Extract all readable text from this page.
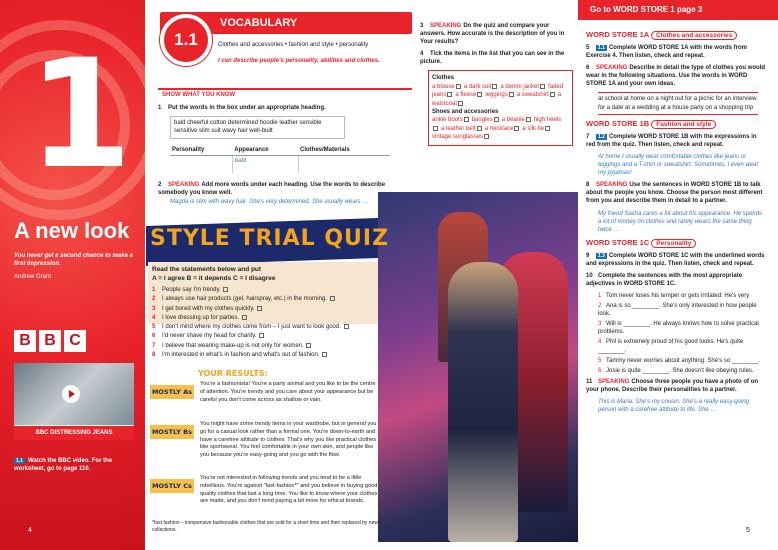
1
A new look
You never get a second chance to make a first impression.
Andrew Grant
B B C
BBC DISTRESSING JEANS
1.1 Watch the BBC video. For the worksheet, go to page 116.
4
VOCABULARY
1.1	Clothes and accessories • fashion and style • personality
I can describe people's personality, abilities and clothes.
SHOW WHAT YOU KNOW
1 Put the words in the box under an appropriate heading.
bald cheerful cotton determined hoodie leather sensible sensitive slim suit wavy hair well-built
Personality	Appearance	Clothes/Materials
	bald	
2 SPEAKING Add more words under each heading. Use the words to describe somebody you know well.
Magda is slim with wavy hair. She's very determined. She usually wears …
3 SPEAKING Do the quiz and compare your answers. How accurate is the description of you in Your results?
4 Tick the items in the list that you can see in the picture.
Clothes
a blouse a dark suit a denim jacket faded jeans a fleece leggings a sweatshirt a waistcoat
Shoes and accessories
ankle boots bangles a beanie high heelsa leather belt a necklace a silk tievintage sunglasses
STYLE TRIAL QUIZ
Read the statements below and put
A = I agree B = it depends C = I disagree
1 People say I'm trendy.
2 I always use hair products (gel, hairspray, etc.) in the morning.
3 I get bored with my clothes quickly.
4 I love dressing up for parties.
5 I don't mind where my clothes come from – I just want to look good.
6 I'd never shave my head for charity.
7 I believe that wearing make-up is not only for women.
8 I'm interested in what's in fashion and what's out of fashion.
YOUR RESULTS:
MOSTLY As
You're a fashionista! You're a party animal and you like to be the centre of attention. You're trendy and you care about your appearance but be careful you don't come across as shallow or vain.
MOSTLY Bs
You might have some trendy items in your wardrobe, but in general you go for a casual look rather than a formal one. You're down-to-earth and have a carefree attitude to clothes. That's why you like practical clothes like sportswear. You feel comfortable in your own skin, and people like you because you're easy-going and you go with the flow.
MOSTLY Cs
You're not interested in following trends and you tend to be a little rebellious. You're against "fast-fashion*" and you believe in buying good-quality clothes that last a long time. You like to know where your clothes are made, and you don't mind paying a bit more for ethical brands.
*fast fashion – inexpensive fashionable clothes that are sold for a short time and then replaced by newer collections.
Go to WORD STORE 1 page 3
WORD STORE 1A Clothes and accessories
5 1.1 Complete WORD STORE 1A with the words from Exercise 4. Then listen, check and repeat.
6 SPEAKING Describe in detail the type of clothes you would wear in the following situations. Use the words in WORD STORE 1A and your own ideas.
at school at home on a night out for a picnic for an interview for a date at a wedding at a house party on a shopping trip
WORD STORE 1B Fashion and style
7 1.2 Complete WORD STORE 1B with the expressions in red from the quiz. Then listen, check and repeat.
At home I usually wear comfortable clothes like jeans or leggings and a T-shirt or sweatshirt. Sometimes, I even wear my pyjamas!
8 SPEAKING Use the sentences in WORD STORE 1B to talk about the people you know. Choose the person most different from you and describe them in detail to a partner.
My friend Sasha cares a lot about his appearance. He spends a lot of money on clothes and rarely wears the same thing twice …
WORD STORE 1C Personality
9 1.3 Complete WORD STORE 1C with the underlined words and expressions in the quiz. Then listen, check and repeat.
10 Complete the sentences with the most appropriate adjectives in WORD STORE 1C.
1 Tom never loses his temper or gets irritated: He's very
2 Ana is so ________. She's only interested in how people look.
3 Will is ________. He always knows how to solve practical problems.
4 Phil is extremely proud of his good looks. He's quite ________.
5 Tammy never worries about anything. She's so ________.
6 Josie is quite ________. She doesn't like obeying rules.
11 SPEAKING Choose three people you have a photo of on your phone. Describe their personalities to a partner.
This is Maria. She's my cousin. She's a really easy-going person with a carefree attitude to life. She …
5
